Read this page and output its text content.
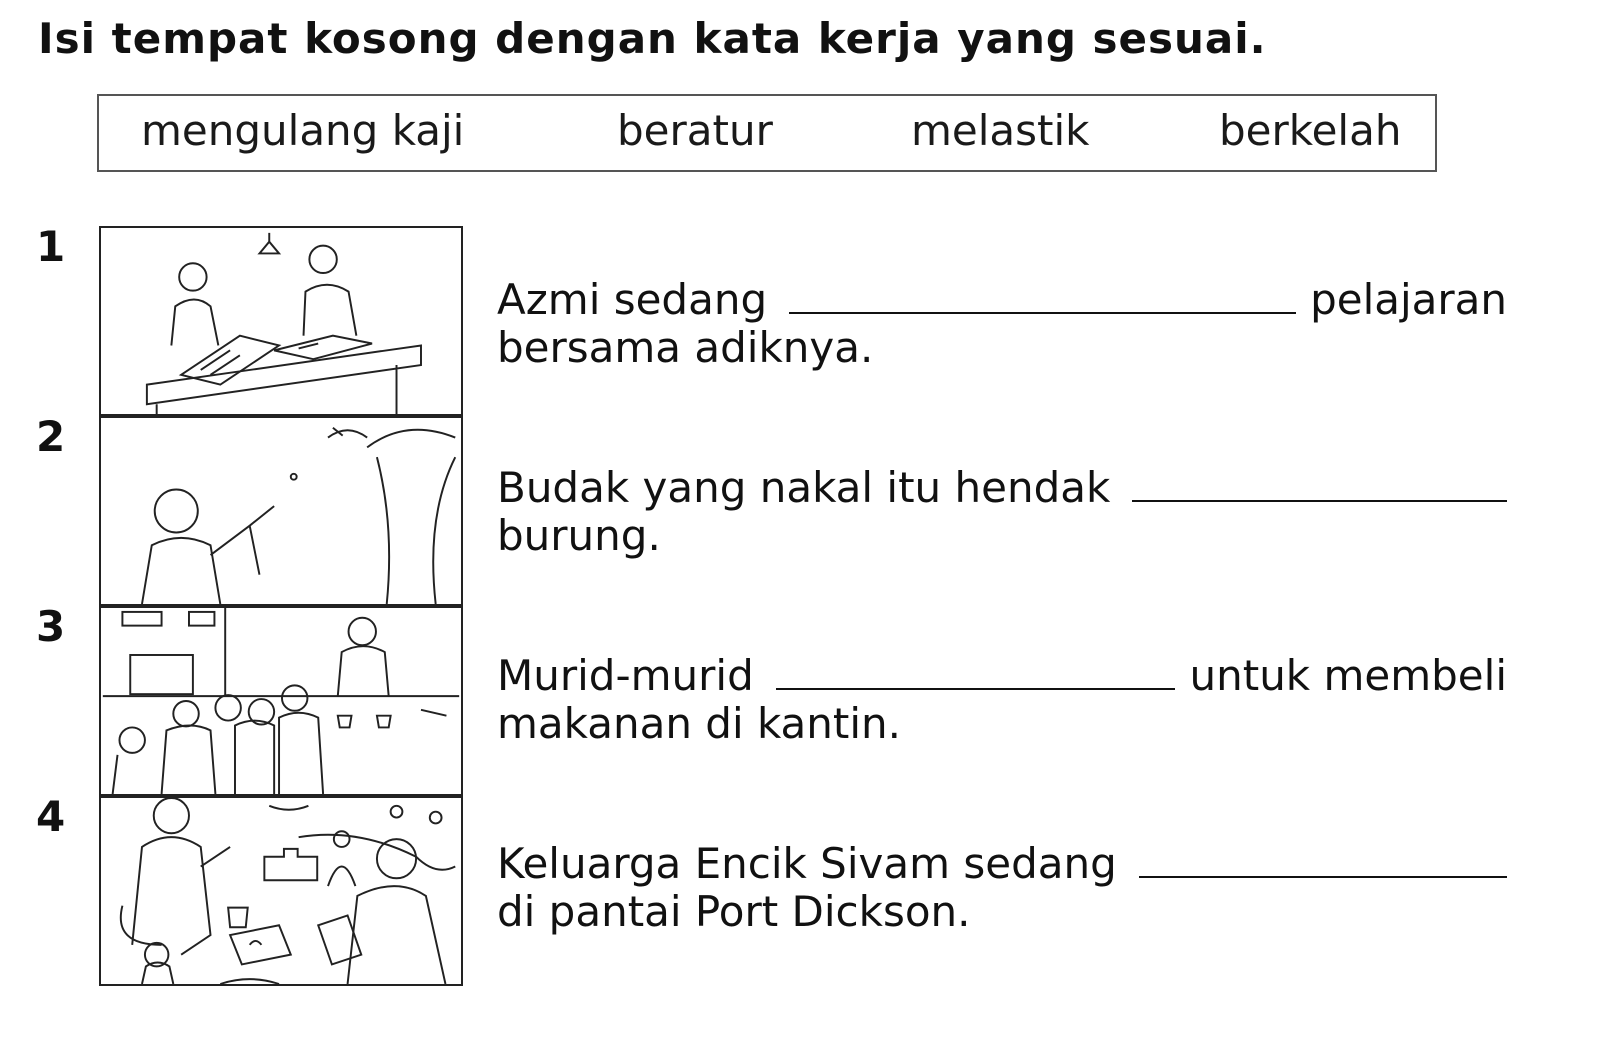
Isi tempat kosong dengan kata kerja yang sesuai.
mengulang kaji	beratur	melastik	berkelah
1
Azmi sedang	pelajaran
bersama adiknya.
2
Budak yang nakal itu hendak
burung.
3
Murid-murid	untuk membeli
makanan di kantin.
4
Keluarga Encik Sivam sedang
di pantai Port Dickson.
